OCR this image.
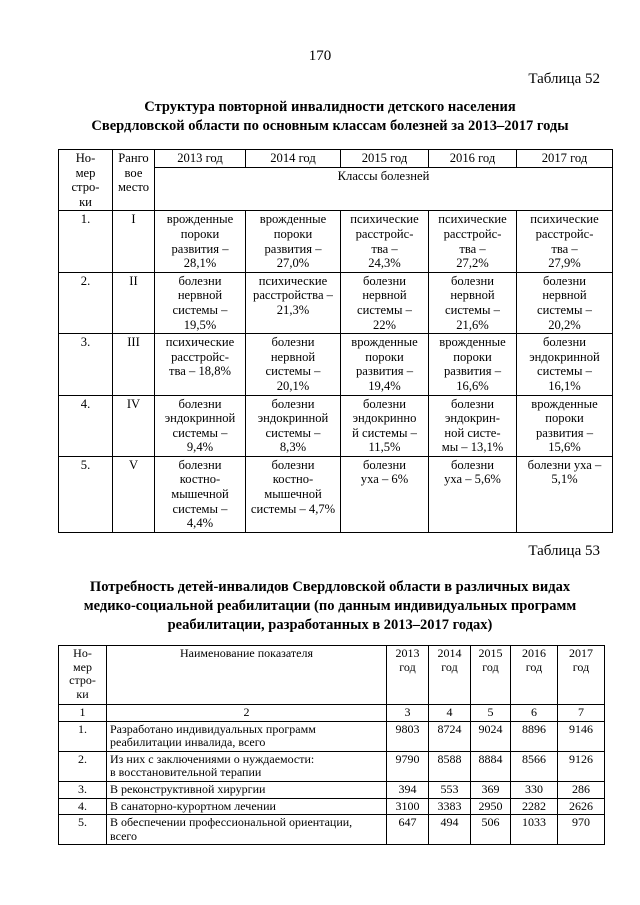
170
Таблица 52
Структура повторной инвалидности детского населения
Свердловской области по основным классам болезней за 2013–2017 годы
Но-
мер
стро-
ки	Ранго
вое
место	2013 год	2014 год	2015 год	2016 год	2017 год
		Классы болезней				
1.	I	врожденные
пороки
развития –
28,1%	врожденные
пороки
развития –
27,0%	психические
расстройс-
тва –
24,3%	психические
расстройс-
тва –
27,2%	психические
расстройс-
тва –
27,9%
2.	II	болезни
нервной
системы –
19,5%	психические
расстройства –
21,3%	болезни
нервной
системы –
22%	болезни
нервной
системы –
21,6%	болезни
нервной
системы –
20,2%
3.	III	психические
расстройс-
тва – 18,8%	болезни
нервной
системы –
20,1%	врожденные
пороки
развития –
19,4%	врожденные
пороки
развития –
16,6%	болезни
эндокринной
системы –
16,1%
4.	IV	болезни
эндокринной
системы –
9,4%	болезни
эндокринной
системы –
8,3%	болезни
эндокринно
й системы –
11,5%	болезни
эндокрин-
ной систе-
мы – 13,1%	врожденные
пороки
развития –
15,6%
5.	V	болезни
костно-
мышечной
системы –
4,4%	болезни
костно-
мышечной
системы – 4,7%	болезни
уха – 6%	болезни
уха – 5,6%	болезни уха –
5,1%
Таблица 53
Потребность детей-инвалидов Свердловской области в различных видах
медико-социальной реабилитации (по данным индивидуальных программ
реабилитации, разработанных в 2013–2017 годах)
Но-
мер
стро-
ки	Наименование показателя	2013
год	2014
год	2015
год	2016
год	2017
год
1	2	3	4	5	6	7
1.	Разработано индивидуальных программ
реабилитации инвалида, всего	9803	8724	9024	8896	9146
2.	Из них с заключениями о нуждаемости:
в восстановительной терапии	9790	8588	8884	8566	9126
3.	В реконструктивной хирургии	394	553	369	330	286
4.	В санаторно-курортном лечении	3100	3383	2950	2282	2626
5.	В обеспечении профессиональной ориентации,
всего	647	494	506	1033	970
